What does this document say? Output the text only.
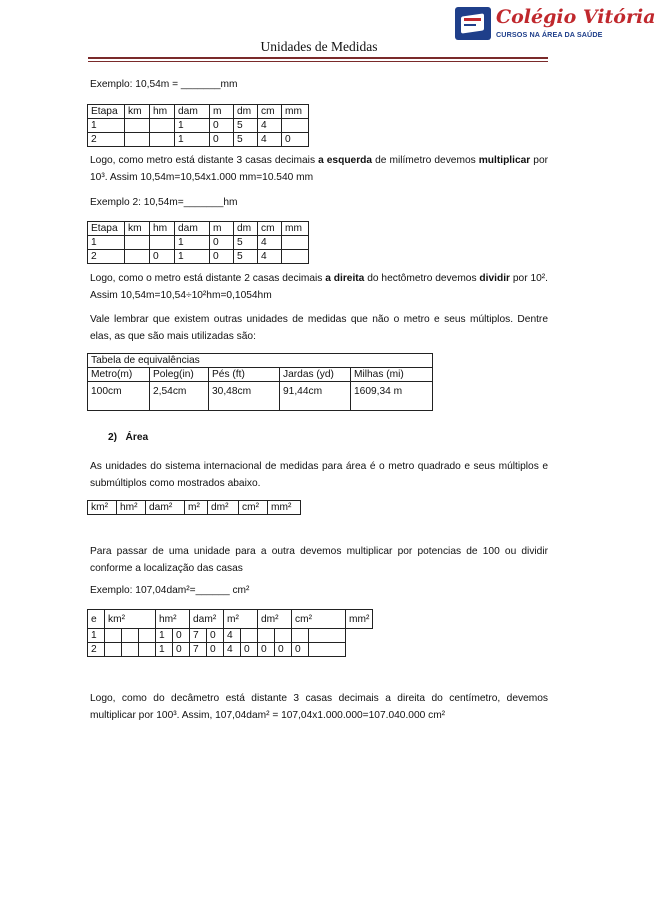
Colégio Vitória
CURSOS NA ÁREA DA SAÚDE
Unidades de Medidas
Exemplo: 10,54m = _______mm
Etapa	km	hm	dam	m	dm	cm	mm
1			1	0	5	4	
2			1	0	5	4	0
Logo, como metro está distante 3 casas decimais a esquerda de milímetro devemos multiplicar por 10³. Assim 10,54m=10,54x1.000 mm=10.540 mm
Exemplo 2: 10,54m=_______hm
Etapa	km	hm	dam	m	dm	cm	mm
1			1	0	5	4	
2		0	1	0	5	4	
Logo, como o metro está distante 2 casas decimais a direita do hectômetro devemos dividir por 10². Assim 10,54m=10,54÷10²hm=0,1054hm
Vale lembrar que existem outras unidades de medidas que não o metro e seus múltiplos. Dentre elas, as que são mais utilizadas são:
Tabela de equivalências				
Metro(m)	Poleg(in)	Pés (ft)	Jardas (yd)	Milhas (mi)
100cm	2,54cm	30,48cm	91,44cm	1609,34 m
2)   Área
As unidades do sistema internacional de medidas para área é o metro quadrado e seus múltiplos e submúltiplos como mostrados abaixo.
km²	hm²	dam²	m²	dm²	cm²	mm²
Para passar de uma unidade para a outra devemos multiplicar por potencias de 100 ou dividir conforme a localização das casas
Exemplo: 107,04dam²=______ cm²
e	km²			hm²		dam²		m²		dm²		cm²		mm²
1				1	0	7	0	4						
2				1	0	7	0	4	0	0	0	0		
Logo, como do decâmetro está distante 3 casas decimais a direita do centímetro, devemos multiplicar por 100³. Assim, 107,04dam² = 107,04x1.000.000=107.040.000 cm²
